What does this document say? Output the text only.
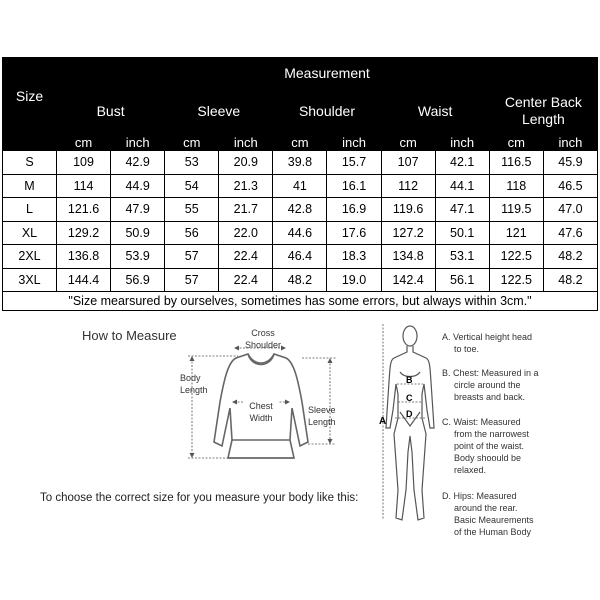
Size	Measurement									
	Bust		Sleeve		Shoulder		Waist		Center Back Length	
	cm	inch	cm	inch	cm	inch	cm	inch	cm	inch
S	109	42.9	53	20.9	39.8	15.7	107	42.1	116.5	45.9
M	114	44.9	54	21.3	41	16.1	112	44.1	118	46.5
L	121.6	47.9	55	21.7	42.8	16.9	119.6	47.1	119.5	47.0
XL	129.2	50.9	56	22.0	44.6	17.6	127.2	50.1	121	47.6
2XL	136.8	53.9	57	22.4	46.4	18.3	134.8	53.1	122.5	48.2
3XL	144.4	56.9	57	22.4	48.2	19.0	142.4	56.1	122.5	48.2
"Size mearsured by ourselves, sometimes has some errors, but always within 3cm."										
How to Measure	Cross
Shoulder
Body
Length
Chest
Width
Sleeve
Length
To choose the correct size for you measure your body like this:
A
B
C
D
A. Vertical height head
to toe.
B. Chest: Measured in a
circle around the
breasts and back.
C. Waist: Measured
from the narrowest
point of the waist.
Body shoould be
relaxed.
D. Hips: Measured
around the rear.
Basic Meaurements
of the Human Body
